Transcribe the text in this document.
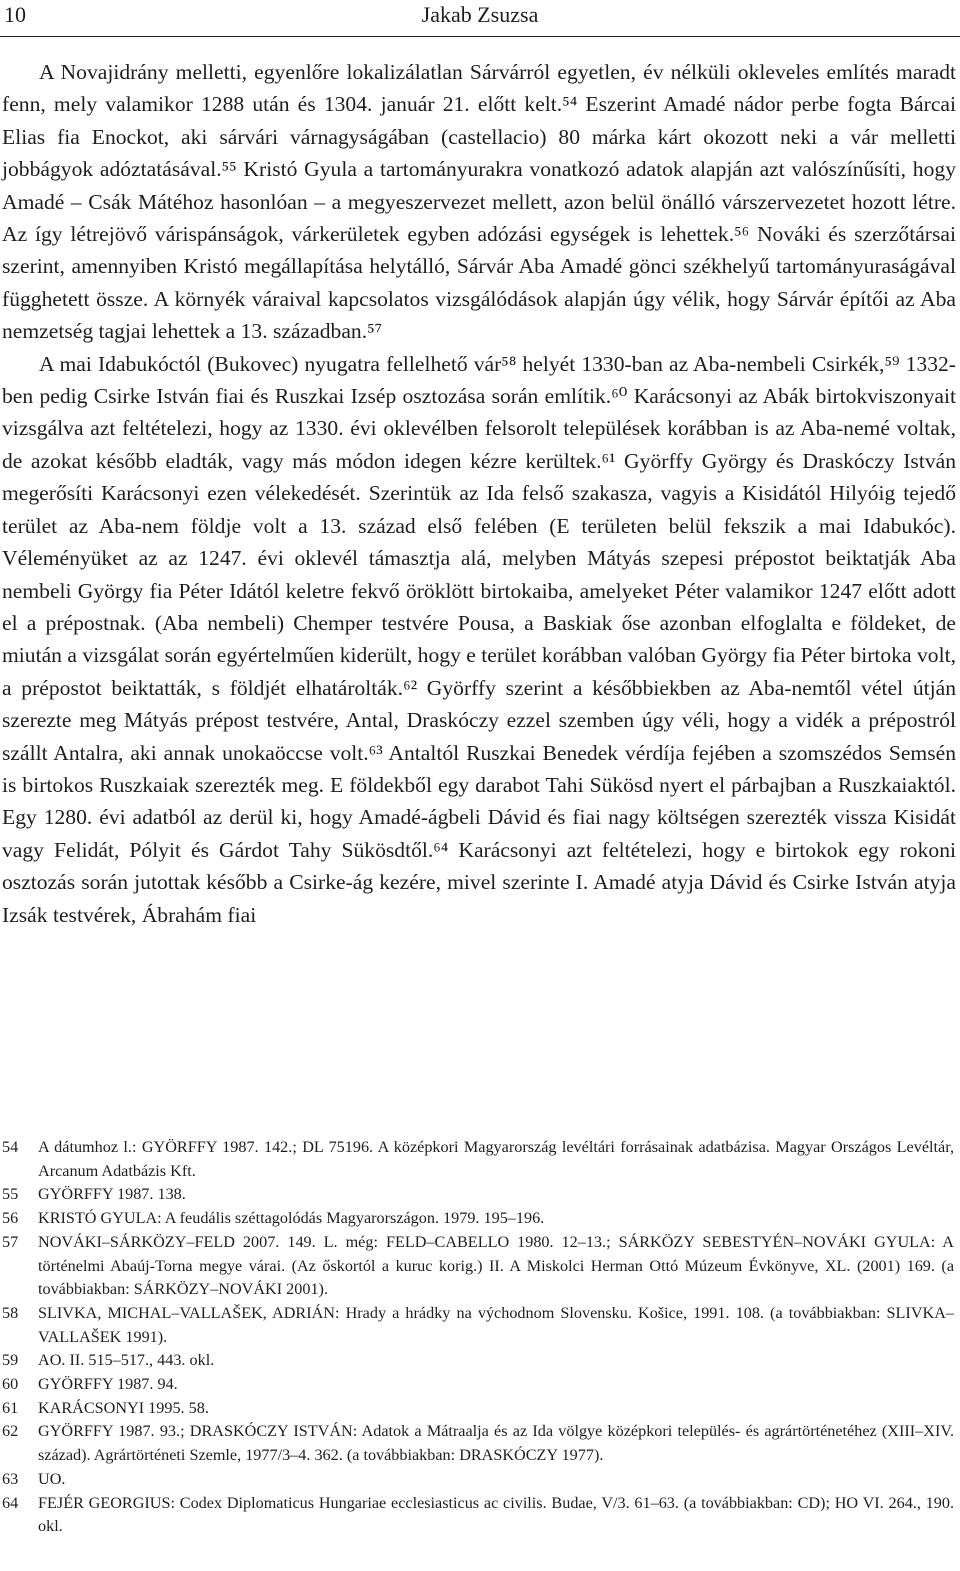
10	Jakab Zsuzsa

A Novajidrány melletti, egyenlőre lokalizálatlan Sárvárról egyetlen, év nélküli okleveles említés maradt fenn, mely valamikor 1288 után és 1304. január 21. előtt kelt.⁵⁴ Eszerint Amadé nádor perbe fogta Bárcai Elias fia Enockot, aki sárvári várnagyságában (castellacio) 80 márka kárt okozott neki a vár melletti jobbágyok adóztatásával.⁵⁵ Kristó Gyula a tartományurakra vonatkozó adatok alapján azt valószínűsíti, hogy Amadé – Csák Mátéhoz hasonlóan – a megyeszervezet mellett, azon belül önálló várszervezetet hozott létre. Az így létrejövő várispánságok, várkerületek egyben adózási egységek is lehettek.⁵⁶ Nováki és szerzőtársai szerint, amennyiben Kristó megállapítása helytálló, Sárvár Aba Amadé gönci székhelyű tartományuraságával függhetett össze. A környék váraival kapcsolatos vizsgálódások alapján úgy vélik, hogy Sárvár építői az Aba nemzetség tagjai lehettek a 13. században.⁵⁷

A mai Idabukóctól (Bukovec) nyugatra fellelhető vár⁵⁸ helyét 1330-ban az Aba-nembeli Csirkék,⁵⁹ 1332-ben pedig Csirke István fiai és Ruszkai Izsép osztozása során említik.⁶⁰ Karácsonyi az Abák birtokviszonyait vizsgálva azt feltételezi, hogy az 1330. évi oklevélben felsorolt települések korábban is az Aba-nemé voltak, de azokat később eladták, vagy más módon idegen kézre kerültek.⁶¹ Györffy György és Draskóczy István megerősíti Karácsonyi ezen vélekedését. Szerintük az Ida felső szakasza, vagyis a Kisidától Hilyóig tejedő terület az Aba-nem földje volt a 13. század első felében (E területen belül fekszik a mai Idabukóc). Véleményüket az az 1247. évi oklevél támasztja alá, melyben Mátyás szepesi prépostot beiktatják Aba nembeli György fia Péter Idától keletre fekvő öröklött birtokaiba, amelyeket Péter valamikor 1247 előtt adott el a prépostnak. (Aba nembeli) Chemper testvére Pousa, a Baskiak őse azonban elfoglalta e földeket, de miután a vizsgálat során egyértelműen kiderült, hogy e terület korábban valóban György fia Péter birtoka volt, a prépostot beiktatták, s földjét elhatárolták.⁶² Györffy szerint a későbbiekben az Aba-nemtől vétel útján szerezte meg Mátyás prépost testvére, Antal, Draskóczy ezzel szemben úgy véli, hogy a vidék a prépostról szállt Antalra, aki annak unokaöccse volt.⁶³ Antaltól Ruszkai Benedek vérdíja fejében a szomszédos Semsén is birtokos Ruszkaiak szerezték meg. E földekből egy darabot Tahi Sükösd nyert el párbajban a Ruszkaiaktól. Egy 1280. évi adatból az derül ki, hogy Amadé-ágbeli Dávid és fiai nagy költségen szerezték vissza Kisidát vagy Felidát, Pólyit és Gárdot Tahy Sükösdtől.⁶⁴ Karácsonyi azt feltételezi, hogy e birtokok egy rokoni osztozás során jutottak később a Csirke-ág kezére, mivel szerinte I. Amadé atyja Dávid és Csirke István atyja Izsák testvérek, Ábrahám fiai

54	A dátumhoz l.: GYÖRFFY 1987. 142.; DL 75196. A középkori Magyarország levéltári forrásainak adatbázisa. Magyar Országos Levéltár, Arcanum Adatbázis Kft.
55	GYÖRFFY 1987. 138.
56	KRISTÓ GYULA: A feudális széttagolódás Magyarországon. 1979. 195–196.
57	NOVÁKI–SÁRKÖZY–FELD 2007. 149. L. még: FELD–CABELLO 1980. 12–13.; SÁRKÖZY SEBESTYÉN–NOVÁKI GYULA: A történelmi Abaúj-Torna megye várai. (Az őskortól a kuruc korig.) II. A Miskolci Herman Ottó Múzeum Évkönyve, XL. (2001) 169. (a továbbiakban: SÁRKÖZY–NOVÁKI 2001).
58	SLIVKA, MICHAL–VALLAŠEK, ADRIÁN: Hrady a hrádky na východnom Slovensku. Košice, 1991. 108. (a továbbiakban: SLIVKA–VALLAŠEK 1991).
59	AO. II. 515–517., 443. okl.
60	GYÖRFFY 1987. 94.
61	KARÁCSONYI 1995. 58.
62	GYÖRFFY 1987. 93.; DRASKÓCZY ISTVÁN: Adatok a Mátraalja és az Ida völgye középkori település- és agrártörténetéhez (XIII–XIV. század). Agrártörténeti Szemle, 1977/3–4. 362. (a továbbiakban: DRASKÓCZY 1977).
63	UO.
64	FEJÉR GEORGIUS: Codex Diplomaticus Hungariae ecclesiasticus ac civilis. Budae, V/3. 61–63. (a továbbiakban: CD); HO VI. 264., 190. okl.
